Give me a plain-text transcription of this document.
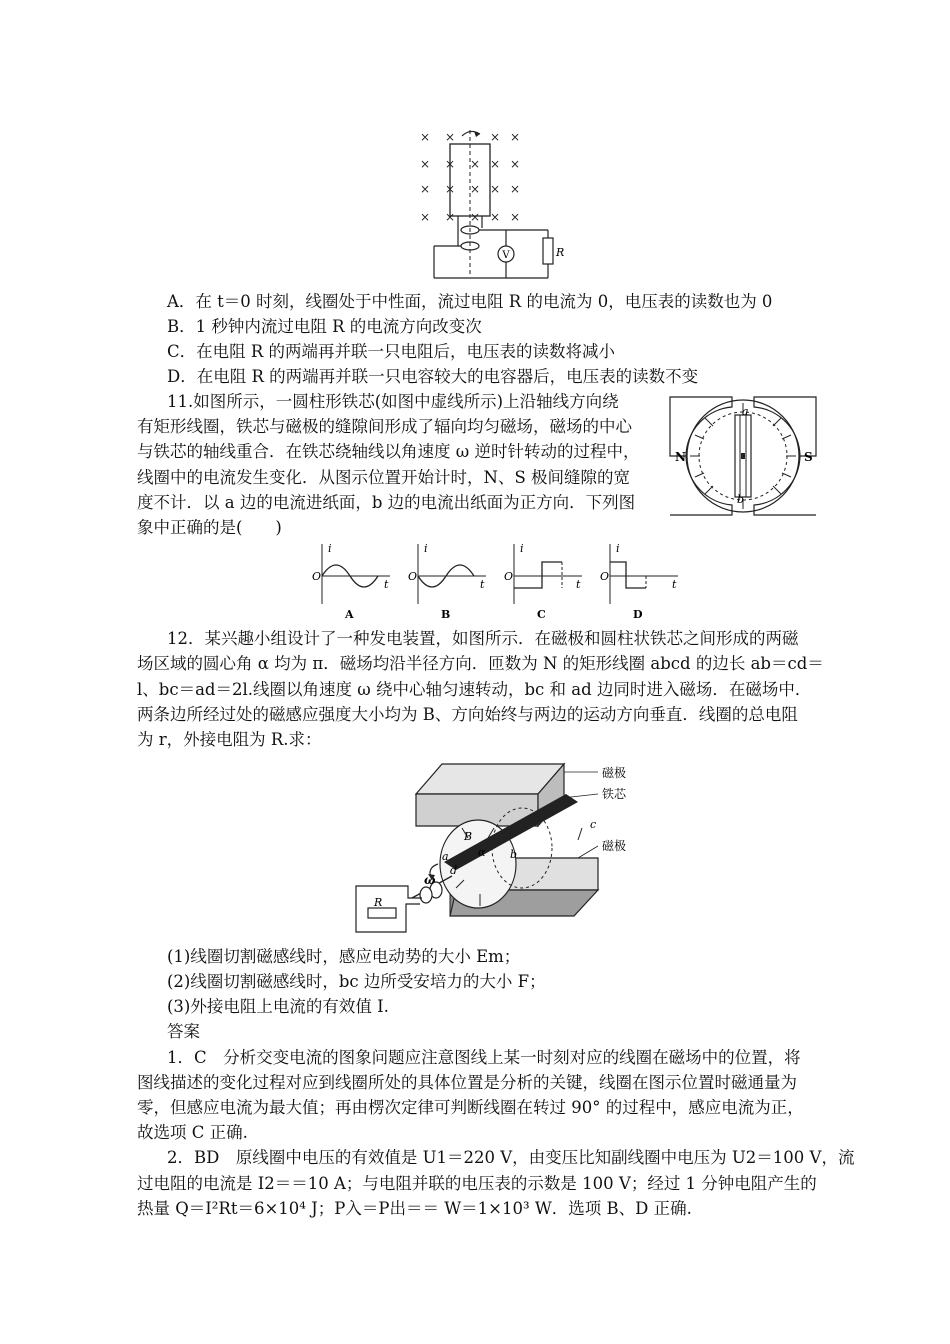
× ×	× ×
× × × × ×
× × × × ×
× × × × ×
V	R
A．在 t＝0 时刻，线圈处于中性面，流过电阻 R 的电流为 0，电压表的读数也为 0
B．1 秒钟内流过电阻 R 的电流方向改变次
C．在电阻 R 的两端再并联一只电阻后，电压表的读数将减小
D．在电阻 R 的两端再并联一只电容较大的电容器后，电压表的读数不变
11.如图所示，一圆柱形铁芯(如图中虚线所示)上沿轴线方向绕
有矩形线圈，铁芯与磁极的缝隙间形成了辐向均匀磁场，磁场的中心
与铁芯的轴线重合．在铁芯绕轴线以角速度 ω 逆时针转动的过程中，
线圈中的电流发生变化．从图示位置开始计时，N、S 极间缝隙的宽
度不计．以 a 边的电流进纸面，b 边的电流出纸面为正方向．下列图
象中正确的是(　　)
a
b
N	S
i
t
O
A
i
t
O
B
i
t
O
C
i
t
O
D
12．某兴趣小组设计了一种发电装置，如图所示．在磁极和圆柱状铁芯之间形成的两磁
场区域的圆心角 α 均为 π．磁场均沿半径方向．匝数为 N 的矩形线圈 abcd 的边长 ab＝cd＝
l、bc＝ad＝2l.线圈以角速度 ω 绕中心轴匀速转动，bc 和 ad 边同时进入磁场．在磁场中．
两条边所经过处的磁感应强度大小均为 B、方向始终与两边的运动方向垂直．线圈的总电阻
为 r，外接电阻为 R.求：
磁极
铁芯
磁极
B
α
a	b
c
d
ω
R
(1)线圈切割磁感线时，感应电动势的大小 Em；
(2)线圈切割磁感线时，bc 边所受安培力的大小 F；
(3)外接电阻上电流的有效值 I.
答案
1．C　分析交变电流的图象问题应注意图线上某一时刻对应的线圈在磁场中的位置，将
图线描述的变化过程对应到线圈所处的具体位置是分析的关键，线圈在图示位置时磁通量为
零，但感应电流为最大值；再由楞次定律可判断线圈在转过 90° 的过程中，感应电流为正，
故选项 C 正确.
2．BD　原线圈中电压的有效值是 U1＝220 V，由变压比知副线圈中电压为 U2＝100 V，流
过电阻的电流是 I2＝＝10 A；与电阻并联的电压表的示数是 100 V；经过 1 分钟电阻产生的
热量 Q＝I²Rt＝6×10⁴ J；P入＝P出＝＝ W＝1×10³ W．选项 B、D 正确.
